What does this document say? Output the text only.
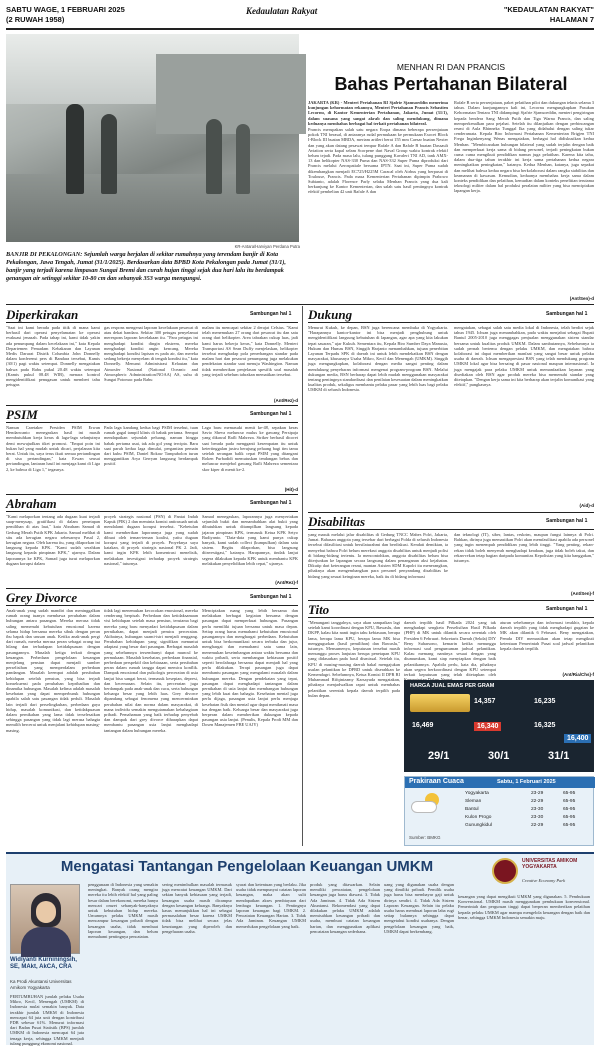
SABTU WAGE, 1 FEBRUARI 2025
(2 RUWAH 1958)
Kedaulatan Rakyat	"KEDAULATAN RAKYAT"
HALAMAN 7
KR-Antara/Harviyan Perdana Putra
BANJIR DI PEKALONGAN: Sejumlah warga berjalan di sekitar rumahnya yang terendam banjir di Kota Pekalongan, Jawa Tengah, Jumat (31/1/2025). Berdasarkan data BPBD Kota Pekalongan pada Jumat (31/1), banjir yang terjadi karena limpasan Sungai Bremi dan curah hujan tinggi sejak dua hari lalu itu berdampak genangan air setinggi sekitar 10-80 cm dan sebanyak 353 warga mengungsi.
MENHAN RI DAN PRANCIS
Bahas Pertahanan Bilateral

JAKARTA (KR) - Menteri Pertahanan RI Sjafrie Sjamsoeddin menerima kunjungan kehormatan rekannya, Menteri Pertahanan Prancis Sebastien Lecornu, di Kantor Kementerian Pertahanan, Jakarta, Jumat (31/1), dalam suasana yang sangat akrab dan saling mendukung, dimana keduanya membahas berbagai hal terkait pertahanan bilateral.

Prancis merupakan salah satu negara Eropa dimana beberapa persenjataan pokok TNI berasal, di antaranya rudal permukaan ke permukaan Exocet Block I-Block III buatan MBDA, meriam artileri berat 155 mm Caesar buatan Nexter dan yang akan datang pesawat tempur Rafale A dan Rafale B buatan Dassault Aviation serta kapal selam Scorpene dari Naval Group waktu kontrak efektif belum tejadi. Pada masa lalu, tulang punggung Kavaleri TNI AD, tank AMX-13 dan helikopter NAS-330 Puma dan NAS-332 Super Puma diproduksi dari Prancis melalui Aerospatiale bersama IPTN. Saat ini, Super Puma sudah dikembangkan menjadi EC725/H225M Caracal oleh Airbus yang berpusat di Toulouse, Prancis. Pada masa Kementerian Pertahanan dipimpin Prabowo Subianto, adalah Florence Parly selaku Menhan Prancis yang dua kali berkunjung ke Kantor Kementerian, dan salah satu hasil pentingnya kontrak efektif pembelian 42 unit Rafale A dan

Rafale B serta persenjataan, paket pelatihan pilot dan dukungan teknis selama 3 tahun. Dalam kunjungannya kali ini, Lecornu mengungkapkan Pasukan Kehormatan Tentara TNI didampingi Sjafrie Sjamsoeddin, menteri pengiringan kepada bendera Sang Merah Putih dan Tiga Warna Prancis, dan saling memperkenalkan para pejabat. Setelah itu dilanjutkan dengan perbincangan resmi di Aula Bhinneka Tunggal Ika yang didahului dengan saling tukar cenderamata. Kepala Biro Informasi Pertahanan Kementerian Brigjen TNI Frega Inginkenyang Wenas mengatakan, berbagai hal didiskusikan kedua Menhan. "Membicarakan hubungan bilateral yang sudah terjalin dengan baik dan memperkuat kerja sama di bidang personel, terjadi peningkatan bukan cuma cuma mengikuti pendidikan namun juga pelatihan. Karena kita tahu, dalam dua-tiga tahun terakhir ini kerja sama pertahanan kedua negara meningkatkan peningkatan," katanya. Kedua Menhan, katanya, juga sepakat dan melihat bahwa kedua negara bisa berkolaborasi dalam rangka stabilitas dan keamanan di kawasan. Kemudian, keduanya membahas kerja sama dalam konteks pendidikan dan pelatihan, kemudian dalam konteks penelitian terutama teknologi militer dalam hal produksi peralatan militer yang bisa menciptakan lapangan kerja.

(Ant/Sen)-d
Diperkirakan	Sambungan hal 1
"Saat ini kami berada pada titik di mana kami berhasil dari operasi penyelamatan ke operasi evakuasi jenazah. Pada tahap ini, kami tidak yakin ada penumpang dalam kecelakaan ini," kata Kepala Departemen Pemadam Kebakaran dan Layanan Medis Darurat Distrik Columbia John Donnelly dalam konferensi pers di Bandara tersebut, Kamis (30/1) pagi waktu setempat. Donnelly mengatakan bahwa pada Rabu pukul 20.48 waktu setempat (Kamis pukul 08.48 WIB), menara kontrol mengidentifikasi penugasan untuk memberi tahu petugas
gas respons mengenai laporan kecelakaan pesawat di atau dekat bandara. Sekitar 300 petugas penyelamat merespons laporan kecelakaan itu. "Para petugas ini menghadapi kondisi dingin ekstrem, mereka menghadapi kondisi angin kencang. Mereka menghadapi kondisi lapisan es pada air, dan mereka sedang bekerja menyelam di tengah kondisi itu," kata Donnelly. Menurut Administrasi Kelautan dan Atmosfer Nasional (National Oceanic and Atmospheric Administration/NOAA) AS, suhu di Sungai Potomac pada Rabu
malam itu mencapai sekitar 2 derajat Celsius. "Kami telah menemukan 27 orang dari pesawat itu dan satu orang dari helikopter. Area tabrakan cukup luas, jadi kami harus bekerja keras," kata Donnelly. Menteri Transportasi AS Sean Duffy menjelaskan, helikopter tersebut menghadap pola penerbangan standar pada malam hari dan pesawat penumpang juga melakukan pendekatan standar saat menuju Washington. Namun tidak memberikan penjelasan spesifik soal masalah yang terjadi sebelum tabrakan mematikan tersebut.
(Ant/Rez)-d
PSIM	Sambungan hal 1
Namun Caretaker Presiden PSIM Erwan Hendarwanto menegaskan hasil ini masih membutuhkan kerja keras di laga-laga selanjutnya demi mewujudkan tiket promosi. "Empat poin ini bukan hal yang mudah untuk dicari, perjalanan kita berat. Untuk itu, saya terus ikuti semua pertandingan di sisa pertandingan," kata Erwan seusai pertandingan, lantaran hasil ini menjaga kami di Liga 2, ke bahwa di Liga 1," tegasnya.
Pada laga kandang kedua bagi PSIM tersebut, tuan rumah gagal tampil klinis di babak pertama. Sempat mendapatkan sejumlah peluang, namun hingga babak pertama usai, tak ada gol yang tercipta. Baru saat paruh kedua laga dimulai, pergantian pemain dari kubu PSIM, Daniel Rokaw Tampubolon turun menggantikan Arya Gerryan langsung berdampak positif.
Laga baru memasuki menit ke-48, sepakan keras Savio Sheva meluncur mulus ke gawang Persipaja yang dikawal Rafli Mahreza. Striker berhasil dicoret saat berada pada mengganti kesempatan itu untuk ketertinggalan justru berujung peluang bagi tim tamu setelah serangan balik cepat PSIM yang ditangani Roken Purbadidi memutuskan tendangan bebas dan meluncur menjebol gawang Rafli Mahreza sementara skor kiper di menit ke-2.
(Hit)-d
Abraham	Sambungan hal 1
"Kami melaporkan tentang ada dugaan kuat terjadi suap-menyuap, gratifikasi di dalam penetapan pemilihan di atas laut," kata Abraham Samad di Gedung Merah Putih KPK Jakarta. Samad melihat di situ ada kerugian negara sebesarnya Pasal 2, kerugian negara. Oleh karena itu, yang dilaporkan ini langsung kepada KPK. "Kami sudah serahkan langsung kepada pimpinan KPK," ujarnya. Dalam laporannya ke KPK, Samad juga turut melaporkan dugaan korupsi dalam
proyek strategis nasional (PSN) di Pantai Indah Kapuk (PIK) 2 dan meminta komisi antirasuah untuk mendalami dugaan korupsi tersebut. "Kebetulan kami memberikan laporannya juga yang sudah dibuat oleh teman-teman koalisi, yaitu dugaan korupsi yang terjadi di proyek. Proyeknya saya katakan, di proyek strategis nasional PK 2. Jadi, kami ingin KPK lebih konsentrasi menelisik, melakukan investigasi terhadap proyek strategis nasional," tuturnya.
Samad menegaskan, laporannya juga menyertakan sejumlah bukti dan menambahkan alat bukti yang dibutuhkan untuk ditampilkan langsung kepada jajaran pimpinan KPK, termasuk Ketua KPK Setyo Budiyanto. "Data-data yang kami punya cukup banyak, kami sudah collect (kumpulkan) dalam satu sistem. Begitu dilaporkan, bisa langsung diinvestigasi," katanya. Harapannya, tindak lanjut segera dilakukan kepada KPK untuk membantu KPK melakukan penyelidikan lebih cepat," ujarnya.
(Ant/Rez)-f
Grey Divorce	Sambungan hal 1
Anak-anak yang sudah mandiri dan meninggalkan rumah orang tuanya membawa perubahan dalam hubungan antara pasangan. Mereka merasa tidak saling memenuhi kebutuhan emosional karena selama hidup bersama mereka sibuk dengan peran ibu bapak dan urusan anak. Ketika anak-anak pergi dari rumah, mereka merasa peran sebagai orang tua hilang dan terhadapan ketidakpuasan dengan pasangannya. Masalah ketiga terkait dengan keuangan. Perbedaan pengelolaan keuangan menjelang pensiun dapat menjadi sumber perselisihan yang memperdalam perbedaan pandangan. Masalah keempat adalah perubahan kehidupan setelah pensiun, yang bisa terjadi konsekuensi pada perubahan kepribadian dan dinamika hubungan. Masalah kelima adalah masalah kesehatan yang dapat memperburuk hubungan apabila salah satu pasangan tidak peduli. Masalah lain terjadi dari perselingkuhan, perbedaan gaya hidup, masalah komunikasi, dan ketidakpuasan dalam pernikahan yang lama tidak terselesaikan sehingga pasangan yang tidak lagi merasa bahagia memilih bercerai untuk menjalani kehidupan masing-masing.
tidak lagi menemukan kecocokan emosional, mereka cenderung berpisah. Perbedaan dan ketidaksamaan visi kehidupan setelah masa pensiun, terutama bagi mereka yang baru menyadari ketidakpuasan dalam pernikahan, dapat menjadi pemicu perceraian. Akibatnya, hubungan suami-istri menjadi renggang. Perubahan kehidupan yang signifikan menuntut adaptasi yang besar dari pasangan. Berbagai masalah yang sebelumnya tersembunyi dapat muncul ke permukaan. Masalah kesehatan, perbedaan finansial, perbedaan perspektif dan kebiasaan, serta perubahan peran dalam rumah tangga dapat memicu konflik. Dampak emosional dan psikologis perceraian di usia lanjut bisa sangat berat, termasuk kesepian, depresi, dan kecemasan. Selain itu, perceraian juga berdampak pada anak-anak dan cucu, serta hubungan keluarga besar yang lebih luas. Grey divorce dipandang sebagai fenomena yang mencerminkan perubahan nilai dan norma dalam masyarakat, di mana individu semakin mengutamakan kebahagiaan pribadi. Pemahaman yang baik terhadap penyebab dan dampak dari grey divorce diharapkan dapat membantu pasangan usia lanjut menghadapi tantangan dalam hubungan mereka.
Menciptakan ruang yang lebih bersama dan melakukan berbagai kegiatan bersama dengan pasangan dapat memperkuat hubungan. Pasangan perlu memiliki tujuan bersama untuk masa depan. Setiap orang harus memahami kebutuhan emosional pasangannya dan menghargai perbedaan. Kebutuhan untuk bisa berkomunikasi secara terbuka dan jujur, menghargai dan memahami satu sama lain, menemukan keseimbangan antara waktu bersama dan waktu pribadi, serta membangun kebiasaan positif seperti berolahraga bersama dapat menjadi hal yang perlu dilakukan. Terapi pasangan juga dapat membantu pasangan yang mengalami masalah dalam hubungan mereka. Dengan pendekatan yang tepat, pasangan dapat menghadapi tantangan dalam pernikahan di usia lanjut dan membangun hubungan yang lebih kuat dan bahagia. Kesehatan mental juga perlu dijaga, pasangan usia lanjut perlu menjaga kesehatan fisik dan mental agar dapat menikmati masa tua dengan baik. Keluarga besar dan masyarakat juga berperan dalam memberikan dukungan kepada pasangan usia lanjut. (Penulis, Kepala Prodi MM dan Dosen Manajemen FBE UAJY)
Dukung	Sambungan hal 1
Menurut Kukuh, ke depan, BSN juga berencana membuka di Yogyakarta. "Harapannya kantor-kantor ini bisa menjadi penghubung untuk mengidentifikasi langsung kebutuhan di lapangan, agar apa yang kita lakukan tepat sasaran," ujar Kukuh. Sementara itu, Kepala Biro Sumber Daya Manusia, Hukum dan Humas BSN, Singgih Harjanto menambahkan, tujuan penerbitan Layanan Terpadu SPK di daerah ini untuk lebih mendekatkan BSN dengan masyarakat, khususnya Usaha Mikro, Kecil dan Menengah (UMKM). Singgih juga mengungkapkan, kolaborasi dengan media sangat penting dalam mendukung penyebaran informasi mengenai program-program BSN. Melalui dukungan media, BSN berharap dapat lebih mudah menggunakan masyarakat tentang pentingnya standardisasi dan penilaian kesesuaian dalam meningkatkan kualitas produk, sekaligus membantu pelaku pasar yang lebih luas bagi pelaku UMKM di seluruh Indonesia.
mengatakan, sebagai salah satu media lokal di Indonesia, telah berdiri sejak tahun 1945. Ichsan juga menambahkan, pada waktu menjabat sebagai Bupati Bantul 2005-2010 juga menggagas penjualan menggunakan sistem standar bersama untuk kualitas produk UMKM. Dalam sambutannya, Sebelumnya ia sudah pernah bertemu dengan pelaku UMKM, dan mengatakan bahwa kolaborasi ini dapat memberikan manfaat yang sangat besar untuk pelaku usaha di daerah. Ichsan mengapresiasi BSN yang telah mendukung program UMKM lokal agar bisa bersaing di pasar nasional maupun internasional. Ia juga mengajak para pelaku UMKM untuk memanfaatkan layanan yang disediakan oleh BSN agar produk mereka bisa memenuhi standar yang ditetapkan. "Dengan kerja sama ini kita berharap akan terjalin komunikasi yang efektif," pungkasnya.
(Aid)-d
Disabilitas	Sambungan hal 1
yang masuk melalui jalur disabilitas di Gedung TNCC Mabes Polri, Jakarta, Jumat. Bahasan anggota yang tersebar dari berbagai Polda di seluruh Indonesia tersebut difasilitasi untuk bersilaturahmi dan berdiskusi. Kendati demikian, ia menyebut bahwa Polri belum merekrut anggota disabilitas untuk menjadi polisi di bidang-bidang tertentu. Ia mencontohkan, anggota disabilitas belum bisa diterjunkan ke lapangan secara langsung dalam penanganan aksi kejahatan. Dikutip dari keterangan resmi, mantan Asisten SDM Kapolri itu menerangkan, pihaknya akan mengembangkan para personel penyandang disabilitas ke bidang yang sesuai keinginan mereka, baik itu di bidang informasi
dan teknologi (IT), siber, lantas, reskrim, maupun fungsi lainnya di Polri. Bahkan, dirinya juga memastikan Polri akan memfasilitasi apabila ada personel yang ingin menempuh pendidikan yang lebih tinggi. "Yang penting, rekan-rekan tidak boleh menyerah menghadapi keadaan, juga tidak boleh takut, dan rekan-rekan tetap bagian daripada komunitas Kepolisian yang kita banggakan," tuturnya.
(Ant/Sen)-f
Tito	Sambungan hal 1
"Menangani tanggalnya, saya akan sampaikan lagi setelah kami koordinasi dengan KPU, Bawaslu, dan DKPP, kalau kita nanti ingin tahu kebiasaan, berapa lama, berapa lama KPU, berapa lama MK bisa menggugurkan (hasil pemilihan) dan Bawaslu," tuturnya. Mensumenya, keputusan tersebut masih menunggu proses lanjutan berupa penetapan KPU yang didasarkan pada hasil dismissal. Setelah itu, KPU di masing-masing daerah bakal mengajukan usulan pelantikan ke DPRD untuk diserahkan ke Kemendagri. Sebelumnya, Ketua Komisi II DPR RI Muhammad Rifqinizamy Karsayuda mengatakan, pihaknya menjadwalkan rapat untuk membahas pelantikan serentak kepala daerah terpilih pada bulan depan.
daerah terpilih hasil Pilkada 2024 yang tak menghadapi sengketa Perselisihan Hasil Pilkada (PHP) di MK untuk dilantik secara serentak oleh Presiden 6 Februari. Sekretaris Daerah (Sekda) DIY Beny Suharsono, kemarin ketika menunggu informasi soal pengumuman jadwal pelantikan. Kalau memang nantinya sesuai dengan yang diumumkan, kami siap menyiapkan dengan baik pelantikannya. Apabila perlu, kata dia, pihaknya akan segera berkoordinasi dengan KPU setempat terkait keputusan yang telah ditetapkan oleh
aturan sebelumnya dan informasi terakhir, kepala daerah terpilih yang tidak menghadapi gugatan ke MK akan dilantik 6 Februari. Beny mengatakan, Pemda DIY memastikan akan tetap mengikuti ketentuan Pemerintah Pusat soal jadwal pelantikan kepala daerah terpilih.
(Ant/Ria/Chs)-f
HARGA JUAL EMAS PER GRAM
14,357	16,235
16,469	16,340	16,325
16,400
29/1	30/1	31/1
Prakiraan Cuaca	Sabtu, 1 Februari 2025
Yogyakarta	23-29	65-95
Sleman	22-29	65-95
Bantul	23-30	65-95
Kulon Progo	23-30	65-95
Gunungkidul	22-29	65-95
Sumber: BMKG
Mengatasi Tantangan Pengelolaan Keuangan UMKM	UNIVERSITAS AMIKOM YOGYAKARTA
Creative Economy Park
Widiyanti Kurniningsih, SE, MAkt, AkCA, CRA
Ka Prodi Akuntansi Universitas Amikom Yogyakarta
PERTUMBUHAN jumlah pelaku Usaha Mikro, Kecil, Menengah (UMKM) di Indonesia mulai semakin banyak. Data terakhir jumlah UMKM di Indonesia mencapai 64 juta unit dengan kontribusi PDB sebesar 61%. Menurut informasi dari Badan Pusat Statistik (BPS) jumlah UMKM di Indonesia mencapai 64 juta tenaga kerja, sehingga UMKM menjadi tulang punggung ekonomi nasional.
penggunaan di Indonesia yang semakin meningkat. Banyak orang mengira mereka itu lebih efektif hal yang paling besar dalam berekonomi, mereka hanya mencari omzet sebanyak-banyaknya untuk kebutuhan hidup mereka. Umumnya pelaku UMKM masih mencampur keuangan pribadi dengan keuangan usaha, tidak membuat laporan keuangan, dan belum memahami pentingnya pencatatan.
sering menimbulkan masalah termasuk juga mencatat keuangan UMKM. Dari sekian banyak kebiasaan yang terjadi, keuangan usaha masih dicampur dengan keuangan keluarga. Banyaknya kasus menunjukkan hal ini sebagai permasalahan besar karena UMKM tidak bisa melihat secara jelas keuntungan yang diperoleh dan pengeluaran usaha.
syarat dan ketentuan yang berlaku. Jika usaha tidak mempunyai catatan laporan keuangan, maka akan sulit mendapatkan akses pembiayaan dari lembaga keuangan. 1. Pentingnya laporan keuangan bagi UMKM. 2. Pencatatan Keuangan Harian. 3. Tidak Ada Jaminan. Keuangan UMKM memerlukan pengelolaan yang baik.
produk yang ditawarkan. Selain memiliki pencatatan, pengelolaan keuangan juga harus diawasi. 3. Tidak Ada Jaminan. 4. Tidak Ada Sistem Akuntansi. Rekomendasi yang dapat dilakukan pelaku UMKM adalah memisahkan keuangan pribadi dan usaha, membuat catatan keuangan harian, dan menggunakan aplikasi pencatatan keuangan sederhana.
uang yang digunakan usaha dengan yang dimiliki pribadi. Pemilik usaha juga harus bisa membayar gaji untuk dirinya sendiri. 4. Tidak Ada Sistem Laporan Keuangan. Selain itu pelaku usaha harus membuat laporan laba rugi setiap bulannya sehingga dapat mengetahui kondisi usahanya. Dengan pengelolaan keuangan yang baik, UMKM dapat berkembang.
keuangan yang dapat mengikuti UMKM yang digunakan. 5. Pembukuan Konvensional. UMKM masih menggunakan pembukuan konvensional. Pemerintah dan perguruan tinggi dapat berperan memberikan pelatihan kepada pelaku UMKM agar mampu mengelola keuangan dengan baik dan benar, sehingga UMKM Indonesia semakin maju.
